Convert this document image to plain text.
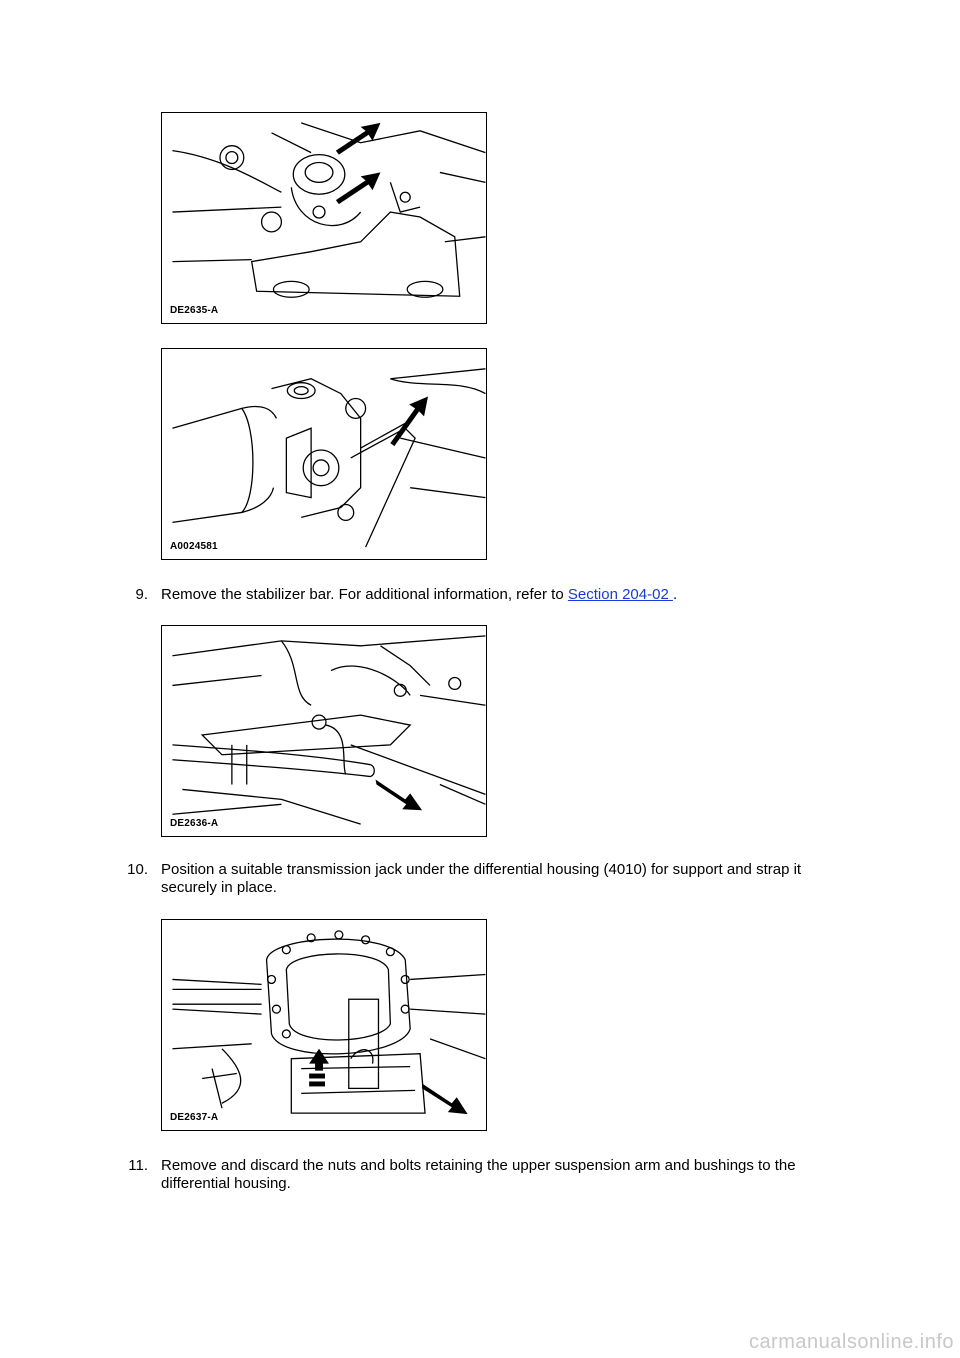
DE2635-A
A0024581
9. Remove the stabilizer bar. For additional information, refer to Section 204-02 .
DE2636-A
10. Position a suitable transmission jack under the differential housing (4010) for support and strap it securely in place.
DE2637-A
11. Remove and discard the nuts and bolts retaining the upper suspension arm and bushings to the differential housing.
carmanualsonline.info
